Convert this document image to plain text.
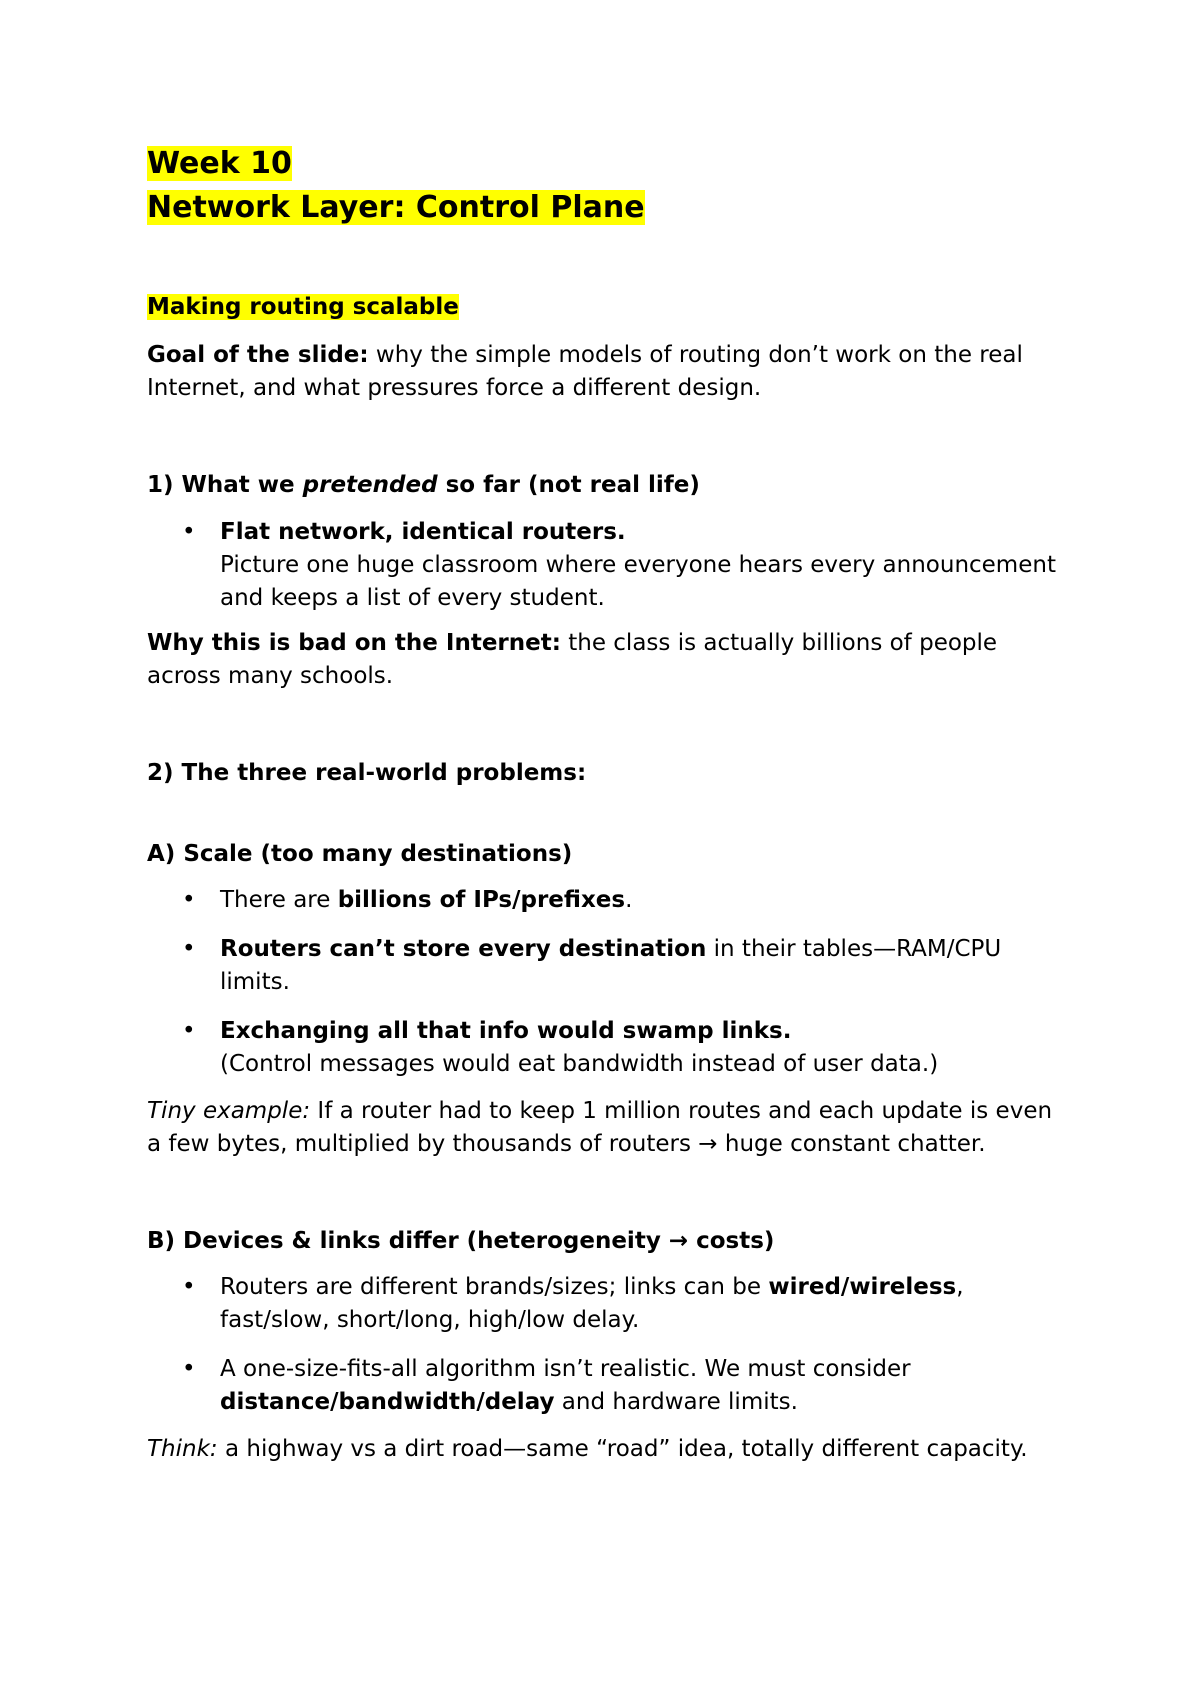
Week 10

Network Layer: Control Plane

Making routing scalable

Goal of the slide: why the simple models of routing don’t work on the real Internet, and what pressures force a different design.

1) What we pretended so far (not real life)

• Flat network, identical routers.
Picture one huge classroom where everyone hears every announcement and keeps a list of every student.

Why this is bad on the Internet: the class is actually billions of people across many schools.

2) The three real-world problems:

A) Scale (too many destinations)

• There are billions of IPs/prefixes.
• Routers can’t store every destination in their tables—RAM/CPU limits.
• Exchanging all that info would swamp links.
(Control messages would eat bandwidth instead of user data.)

Tiny example: If a router had to keep 1 million routes and each update is even a few bytes, multiplied by thousands of routers → huge constant chatter.

B) Devices & links differ (heterogeneity → costs)

• Routers are different brands/sizes; links can be wired/wireless, fast/slow, short/long, high/low delay.
• A one-size-fits-all algorithm isn’t realistic. We must consider distance/bandwidth/delay and hardware limits.

Think: a highway vs a dirt road—same “road” idea, totally different capacity.
